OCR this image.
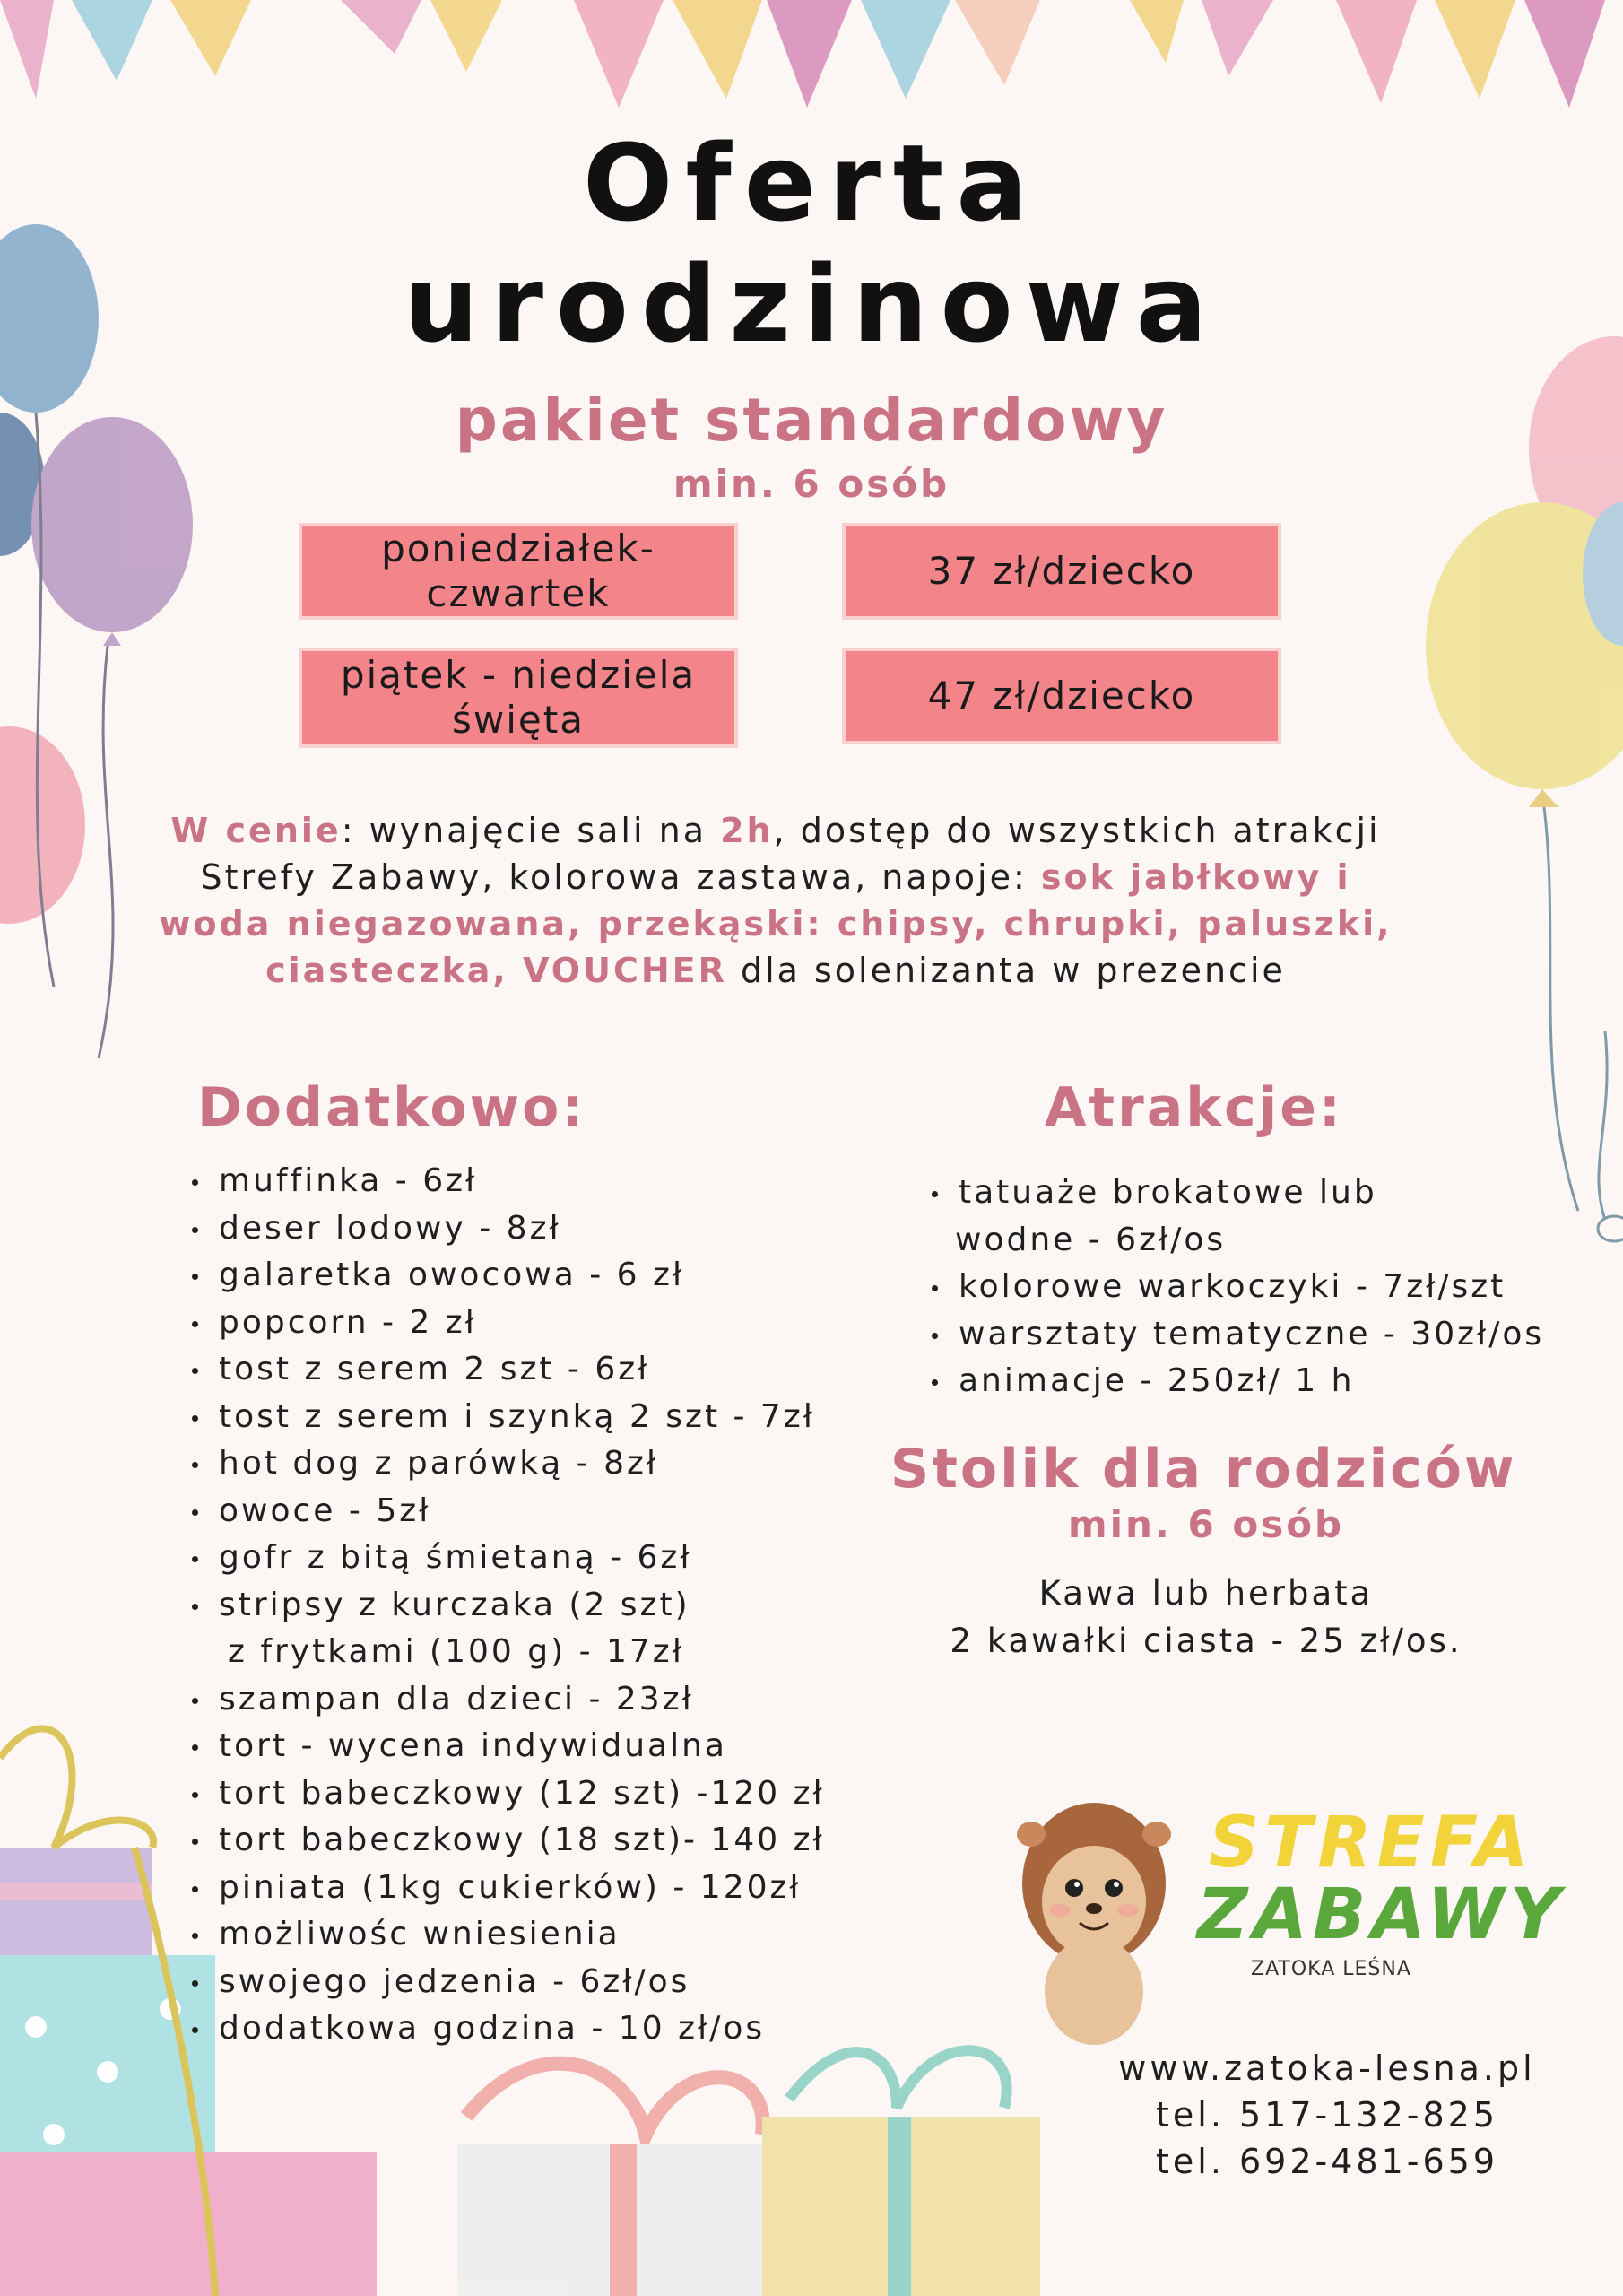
Oferta
urodzinowa
pakiet standardowy
min. 6 osób
poniedziałek-
czwartek
37 zł/dziecko
piątek - niedziela
święta
47 zł/dziecko
W cenie: wynajęcie sali na 2h, dostęp do wszystkich atrakcji Strefy Zabawy, kolorowa zastawa, napoje: sok jabłkowy i woda niegazowana, przekąski: chipsy, chrupki, paluszki, ciasteczka, VOUCHER dla solenizanta w prezencie
Dodatkowo:
muffinka - 6zł
deser lodowy - 8zł
galaretka owocowa - 6 zł
popcorn - 2 zł
tost z serem 2 szt - 6zł
tost z serem i szynką 2 szt - 7zł
hot dog z parówką - 8zł
owoce - 5zł
gofr z bitą śmietaną - 6zł
stripsy z kurczaka (2 szt)
z frytkami (100 g) - 17zł
szampan dla dzieci - 23zł
tort - wycena indywidualna
tort babeczkowy (12 szt) -120 zł
tort babeczkowy (18 szt)- 140 zł
piniata (1kg cukierków) - 120zł
możliwośc wniesienia
swojego jedzenia - 6zł/os
dodatkowa godzina - 10 zł/os
Atrakcje:
tatuaże brokatowe lub
wodne - 6zł/os
kolorowe warkoczyki - 7zł/szt
warsztaty tematyczne - 30zł/os
animacje - 250zł/ 1 h
Stolik dla rodziców
min. 6 osób
Kawa lub herbata
2 kawałki ciasta - 25 zł/os.
STREFA
ZABAWY
ZATOKA LEŚNA
www.zatoka-lesna.pl
tel. 517-132-825
tel. 692-481-659
